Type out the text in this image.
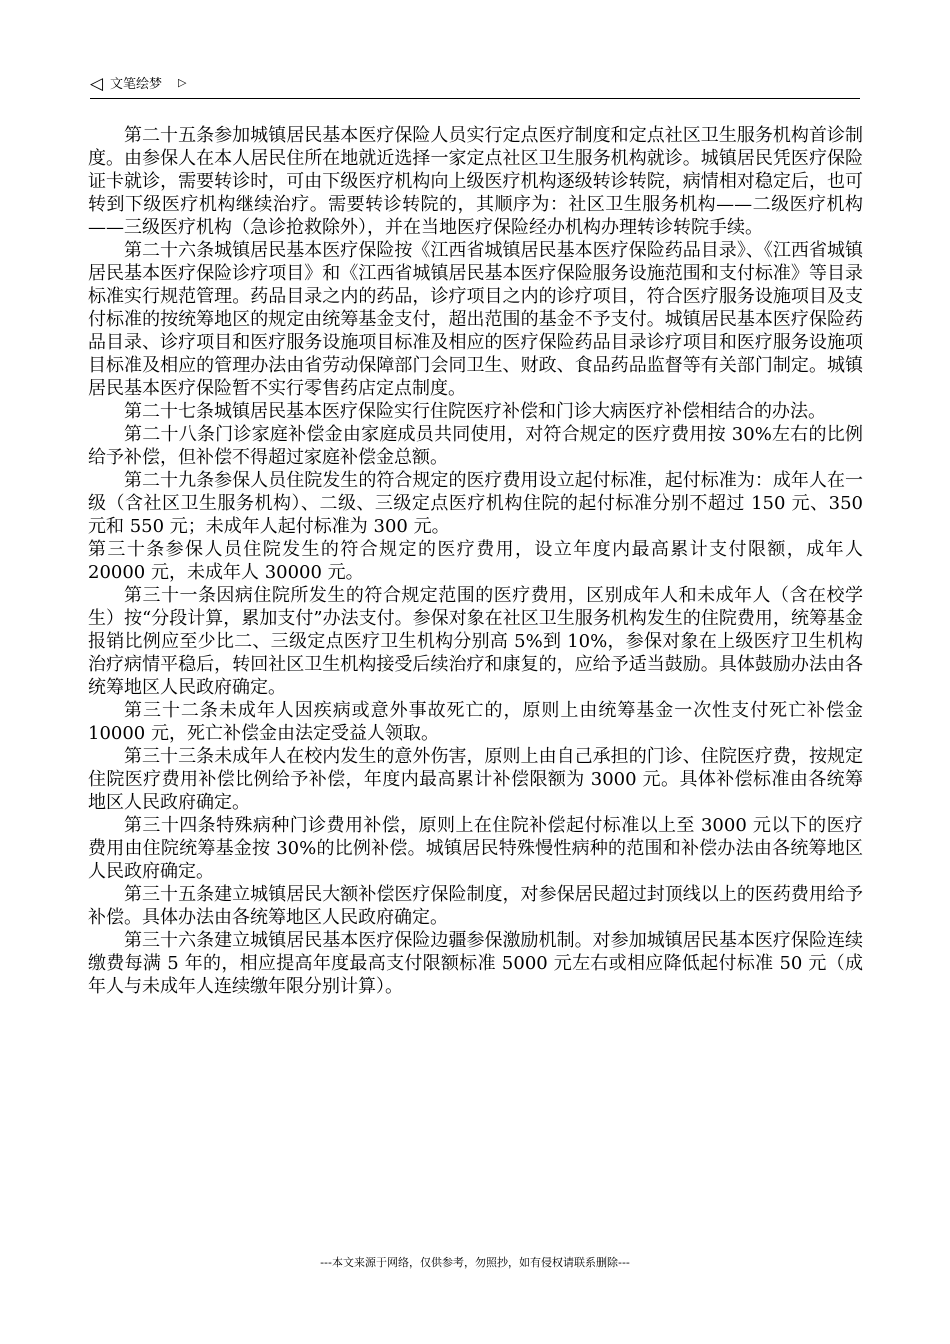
◁ 文笔绘梦 ▷

第二十五条参加城镇居民基本医疗保险人员实行定点医疗制度和定点社区卫生服务机构首诊制度。由参保人在本人居民住所在地就近选择一家定点社区卫生服务机构就诊。城镇居民凭医疗保险证卡就诊，需要转诊时，可由下级医疗机构向上级医疗机构逐级转诊转院，病情相对稳定后，也可转到下级医疗机构继续治疗。需要转诊转院的，其顺序为：社区卫生服务机构——二级医疗机构——三级医疗机构（急诊抢救除外），并在当地医疗保险经办机构办理转诊转院手续。

第二十六条城镇居民基本医疗保险按《江西省城镇居民基本医疗保险药品目录》、《江西省城镇居民基本医疗保险诊疗项目》和《江西省城镇居民基本医疗保险服务设施范围和支付标准》等目录标准实行规范管理。药品目录之内的药品，诊疗项目之内的诊疗项目，符合医疗服务设施项目及支付标准的按统筹地区的规定由统筹基金支付，超出范围的基金不予支付。城镇居民基本医疗保险药品目录、诊疗项目和医疗服务设施项目标准及相应的医疗保险药品目录诊疗项目和医疗服务设施项目标准及相应的管理办法由省劳动保障部门会同卫生、财政、食品药品监督等有关部门制定。城镇居民基本医疗保险暂不实行零售药店定点制度。

第二十七条城镇居民基本医疗保险实行住院医疗补偿和门诊大病医疗补偿相结合的办法。

第二十八条门诊家庭补偿金由家庭成员共同使用，对符合规定的医疗费用按 30%左右的比例给予补偿，但补偿不得超过家庭补偿金总额。

第二十九条参保人员住院发生的符合规定的医疗费用设立起付标准，起付标准为：成年人在一级（含社区卫生服务机构）、二级、三级定点医疗机构住院的起付标准分别不超过 150 元、350 元和 550 元；未成年人起付标准为 300 元。

第三十条参保人员住院发生的符合规定的医疗费用，设立年度内最高累计支付限额，成年人 20000 元，未成年人 30000 元。

第三十一条因病住院所发生的符合规定范围的医疗费用，区别成年人和未成年人（含在校学生）按“分段计算，累加支付”办法支付。参保对象在社区卫生服务机构发生的住院费用，统筹基金报销比例应至少比二、三级定点医疗卫生机构分别高 5%到 10%，参保对象在上级医疗卫生机构治疗病情平稳后，转回社区卫生机构接受后续治疗和康复的，应给予适当鼓励。具体鼓励办法由各统筹地区人民政府确定。

第三十二条未成年人因疾病或意外事故死亡的，原则上由统筹基金一次性支付死亡补偿金 10000 元，死亡补偿金由法定受益人领取。

第三十三条未成年人在校内发生的意外伤害，原则上由自己承担的门诊、住院医疗费，按规定住院医疗费用补偿比例给予补偿，年度内最高累计补偿限额为 3000 元。具体补偿标准由各统筹地区人民政府确定。

第三十四条特殊病种门诊费用补偿，原则上在住院补偿起付标准以上至 3000 元以下的医疗费用由住院统筹基金按 30%的比例补偿。城镇居民特殊慢性病种的范围和补偿办法由各统筹地区人民政府确定。

第三十五条建立城镇居民大额补偿医疗保险制度，对参保居民超过封顶线以上的医药费用给予补偿。具体办法由各统筹地区人民政府确定。

第三十六条建立城镇居民基本医疗保险边疆参保激励机制。对参加城镇居民基本医疗保险连续缴费每满 5 年的，相应提高年度最高支付限额标准 5000 元左右或相应降低起付标准 50 元（成年人与未成年人连续缴年限分别计算）。

---本文来源于网络，仅供参考，勿照抄，如有侵权请联系删除---
